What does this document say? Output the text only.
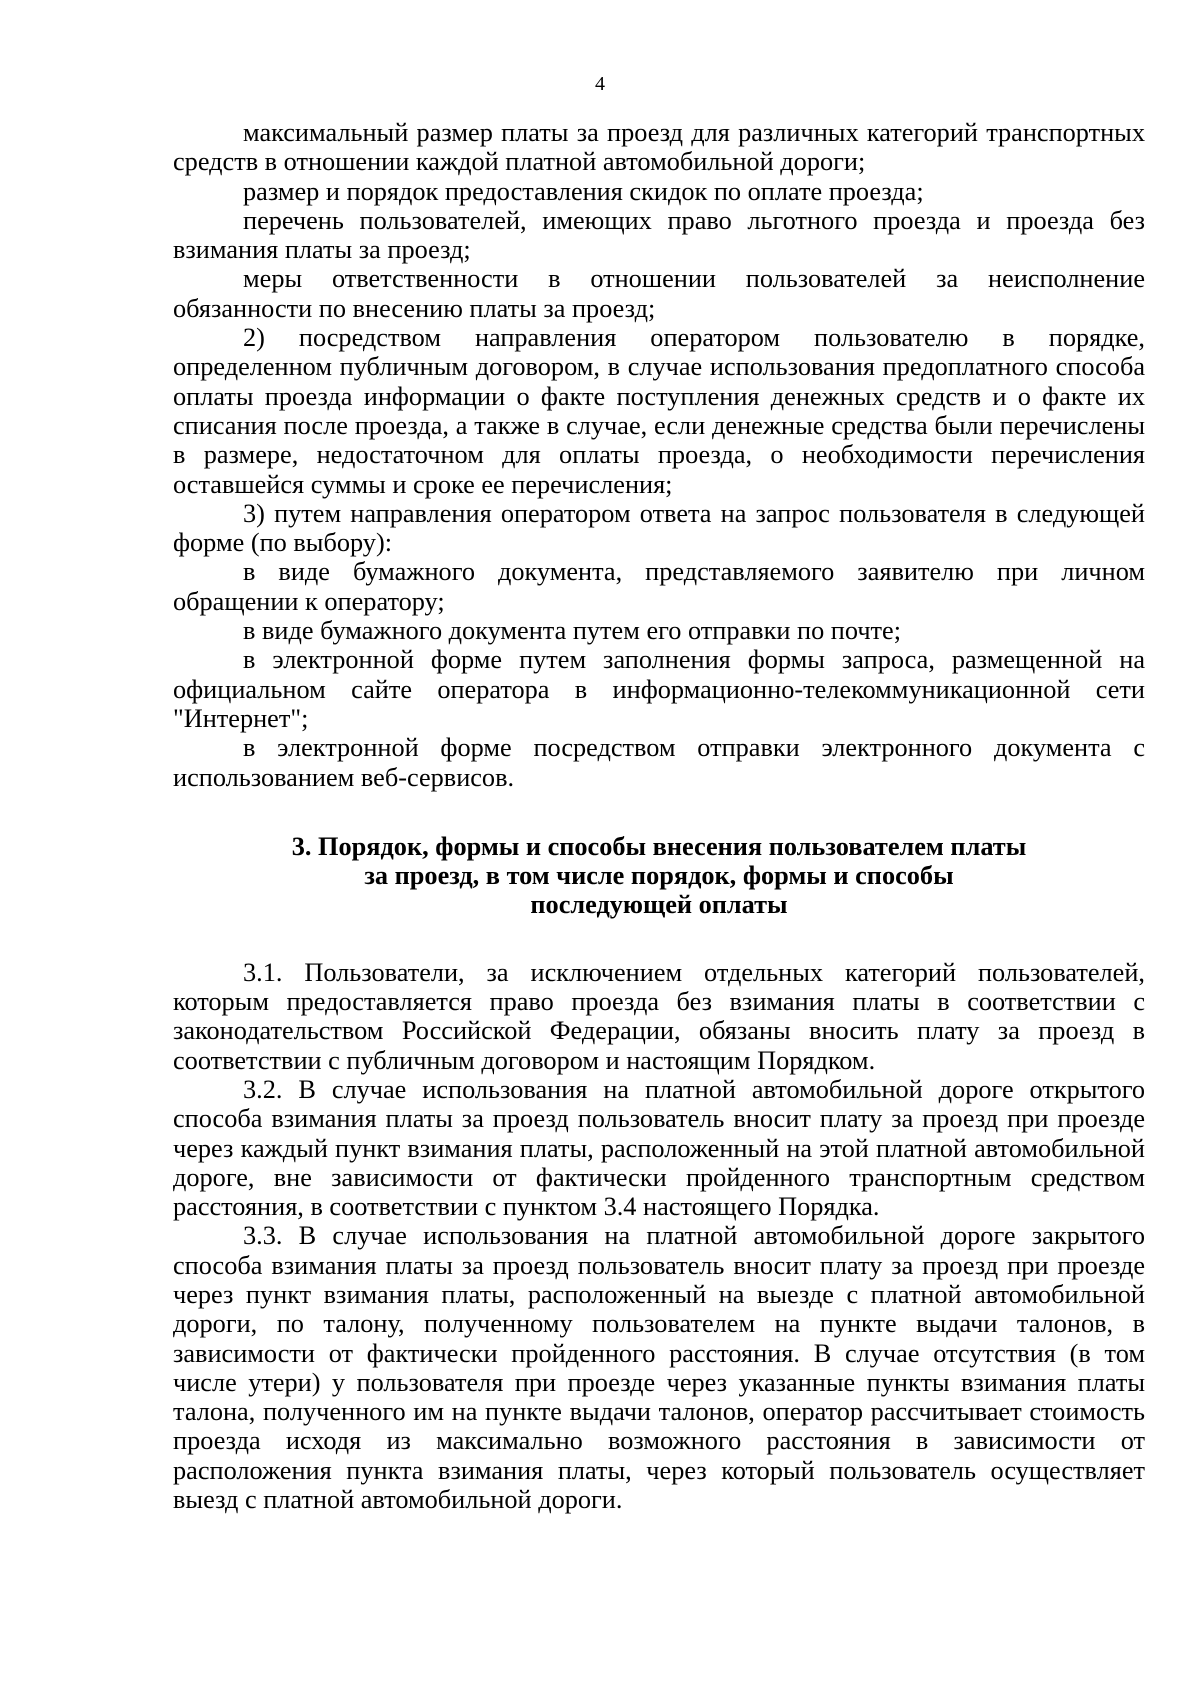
4

максимальный размер платы за проезд для различных категорий транспортных средств в отношении каждой платной автомобильной дороги;

размер и порядок предоставления скидок по оплате проезда;

перечень пользователей, имеющих право льготного проезда и проезда без взимания платы за проезд;

меры ответственности в отношении пользователей за неисполнение обязанности по внесению платы за проезд;

2) посредством направления оператором пользователю в порядке, определенном публичным договором, в случае использования предоплатного способа оплаты проезда информации о факте поступления денежных средств и о факте их списания после проезда, а также в случае, если денежные средства были перечислены в размере, недостаточном для оплаты проезда, о необходимости перечисления оставшейся суммы и сроке ее перечисления;

3) путем направления оператором ответа на запрос пользователя в следующей форме (по выбору):

в виде бумажного документа, представляемого заявителю при личном обращении к оператору;

в виде бумажного документа путем его отправки по почте;

в электронной форме путем заполнения формы запроса, размещенной на официальном сайте оператора в информационно-телекоммуникационной сети "Интернет";

в электронной форме посредством отправки электронного документа с использованием веб-сервисов.

3. Порядок, формы и способы внесения пользователем платы
за проезд, в том числе порядок, формы и способы
последующей оплаты

3.1. Пользователи, за исключением отдельных категорий пользователей, которым предоставляется право проезда без взимания платы в соответствии с законодательством Российской Федерации, обязаны вносить плату за проезд в соответствии с публичным договором и настоящим Порядком.

3.2. В случае использования на платной автомобильной дороге открытого способа взимания платы за проезд пользователь вносит плату за проезд при проезде через каждый пункт взимания платы, расположенный на этой платной автомобильной дороге, вне зависимости от фактически пройденного транспортным средством расстояния, в соответствии с пунктом 3.4 настоящего Порядка.

3.3. В случае использования на платной автомобильной дороге закрытого способа взимания платы за проезд пользователь вносит плату за проезд при проезде через пункт взимания платы, расположенный на выезде с платной автомобильной дороги, по талону, полученному пользователем на пункте выдачи талонов, в зависимости от фактически пройденного расстояния. В случае отсутствия (в том числе утери) у пользователя при проезде через указанные пункты взимания платы талона, полученного им на пункте выдачи талонов, оператор рассчитывает стоимость проезда исходя из максимально возможного расстояния в зависимости от расположения пункта взимания платы, через который пользователь осуществляет выезд с платной автомобильной дороги.
